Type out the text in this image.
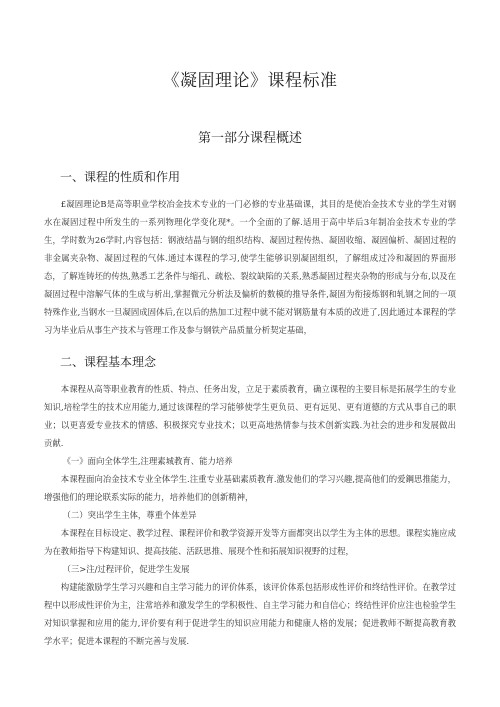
《凝固理论》课程标准
第一部分课程概述
一、课程的性质和作用

£凝固理论B是高等职业学校冶金技术专业的一门必修的专业基础课，其目的是使冶金技术专业的学生对钢水在凝固过程中所发生的一系列物理化学变化现*。一个全面的了解.适用于高中毕后3年制冶金技术专业的学生，学时数为26学时,内容包括：钢液结晶与钢的组织结构、凝固过程传热、凝固收缩、凝固偏析、凝固过程的非金属夹杂物、凝固过程的气体.通过本课程的学习,使学生能够识别凝固组织，了解组成过冷和凝固的界面形态，了解连铸坯的传热,熟悉工艺条件与缩孔、疏松、裂纹缺陷的关系,熟悉凝固过程夹杂物的形成与分布,以及在凝固过程中溶解气体的生成与析出,掌握微元分析法及偏析的数模的推导条件,凝固为衔接炼钢和轧钢之间的一项特殊作业,当钢水一旦凝固成固体后,在以后的热加工过程中就不能对钢筋量有本质的改进了,因此通过本课程的学习为毕业后从事生产技术与管理工作及参与钢铁产品质量分析契定基础，

二、课程基本理念

本课程从高等职业教育的性质、特点、任务出发，立足于素质教育，确立课程的主要目标是拓展学生的专业知识,培栓学生的技术应用能力,通过该课程的学习能够使学生更负员、更有远见、更有道德的方式从事自己的职业；以更喜爱专业技术的情感、积极探究专业技术；以更高地热情参与技术创新实践.为社会的进步和发展做出贡献.

《一》面向全体学生,注理素城教育、能力培养

本课程面向冶金技术专业全体学生.注重专业基础素质教育.激发他们的学习兴趣,提高他们的爱鋼思推能力，增强他们的理论联系实际的能力，培养他们的创新精神，

（二）突出学生主体，尊重个体差异

本课程在目标设定、教学过程、课程评价和教学资源开发等方面都突出以学生为主体的思想。课程实施应成为在教师指导下构建知识、提高技能、活跃思推、展现个性和拓展知识视野的过程，

（三>注/过程评价，促进学生发展

构建能激励学生学习兴趣和自主学习能力的评价体系，该评价体系包括形成性评价和终结性评价。在教学过程中以形成性评价为主，注常培养和激发学生的学积极性、自主学习能力和自信心；终结性评价应注也检验学生对知识掌握和应用的能力,评价要有利于促进学生的知识应用能力和健康人格的发展；促进教师不断提高教育教学水平；促进本课程的不断完善与发展.
